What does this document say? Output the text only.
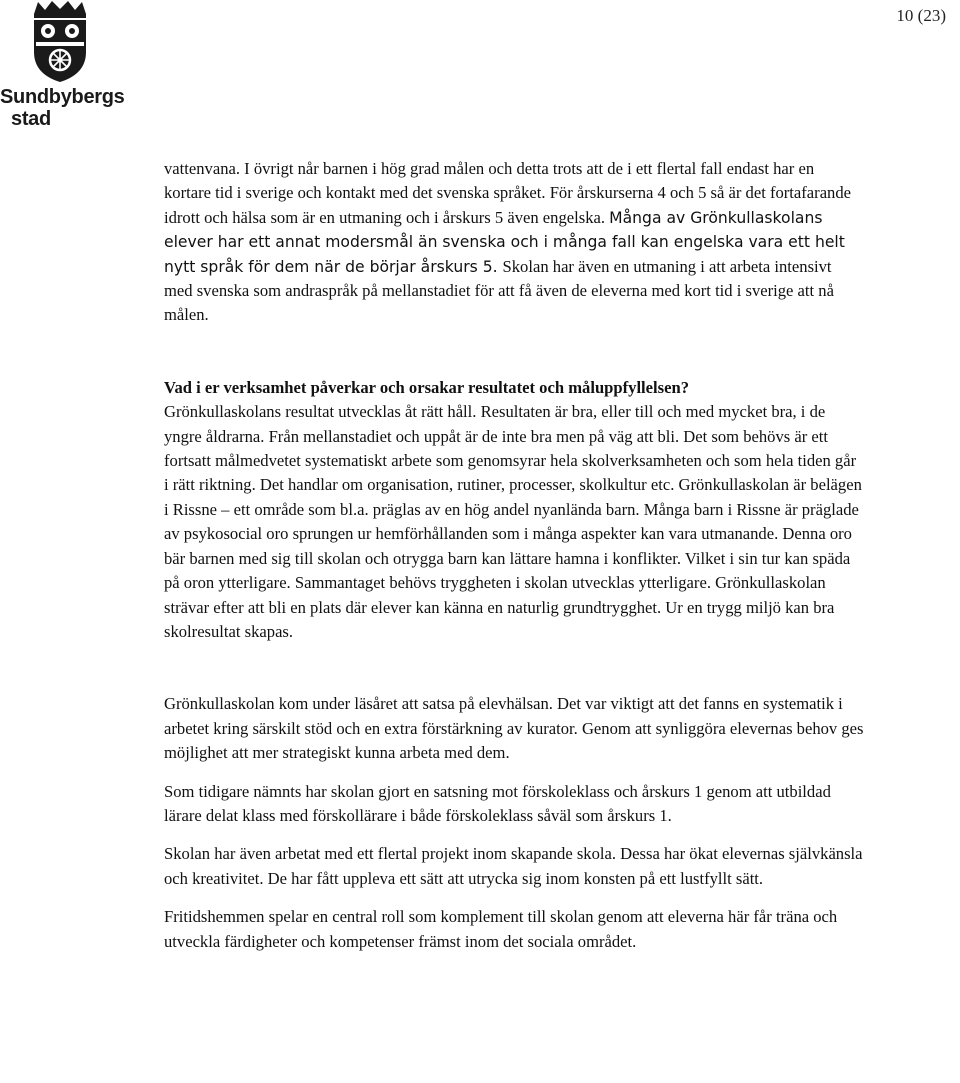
Sundbybergs
stad
10 (23)

vattenvana. I övrigt når barnen i hög grad målen och detta trots att de i ett flertal fall endast har en kortare tid i sverige och kontakt med det svenska språket. För årskurserna 4 och 5 så är det fortafarande idrott och hälsa som är en utmaning och i årskurs 5 även engelska. Många av Grönkullaskolans elever har ett annat modersmål än svenska och i många fall kan engelska vara ett helt nytt språk för dem när de börjar årskurs 5. Skolan har även en utmaning i att arbeta intensivt med svenska som andraspråk på mellanstadiet för att få även de eleverna med kort tid i sverige att nå målen.

Vad i er verksamhet påverkar och orsakar resultatet och måluppfyllelsen?

Grönkullaskolans resultat utvecklas åt rätt håll. Resultaten är bra, eller till och med mycket bra, i de yngre åldrarna. Från mellanstadiet och uppåt är de inte bra men på väg att bli. Det som behövs är ett fortsatt målmedvetet systematiskt arbete som genomsyrar hela skolverksamheten och som hela tiden går i rätt riktning. Det handlar om organisation, rutiner, processer, skolkultur etc. Grönkullaskolan är belägen i Rissne – ett område som bl.a. präglas av en hög andel nyanlända barn. Många barn i Rissne är präglade av psykosocial oro sprungen ur hemförhållanden som i många aspekter kan vara utmanande. Denna oro bär barnen med sig till skolan och otrygga barn kan lättare hamna i konflikter. Vilket i sin tur kan späda på oron ytterligare. Sammantaget behövs tryggheten i skolan utvecklas ytterligare. Grönkullaskolan strävar efter att bli en plats där elever kan känna en naturlig grundtrygghet. Ur en trygg miljö kan bra skolresultat skapas.

Grönkullaskolan kom under läsåret att satsa på elevhälsan. Det var viktigt att det fanns en systematik i arbetet kring särskilt stöd och en extra förstärkning av kurator. Genom att synliggöra elevernas behov ges möjlighet att mer strategiskt kunna arbeta med dem.

Som tidigare nämnts har skolan gjort en satsning mot förskoleklass och årskurs 1 genom att utbildad lärare delat klass med förskollärare i både förskoleklass såväl som årskurs 1.

Skolan har även arbetat med ett flertal projekt inom skapande skola. Dessa har ökat elevernas självkänsla och kreativitet. De har fått uppleva ett sätt att utrycka sig inom konsten på ett lustfyllt sätt.

Fritidshemmen spelar en central roll som komplement till skolan genom att eleverna här får träna och utveckla färdigheter och kompetenser främst inom det sociala området.
